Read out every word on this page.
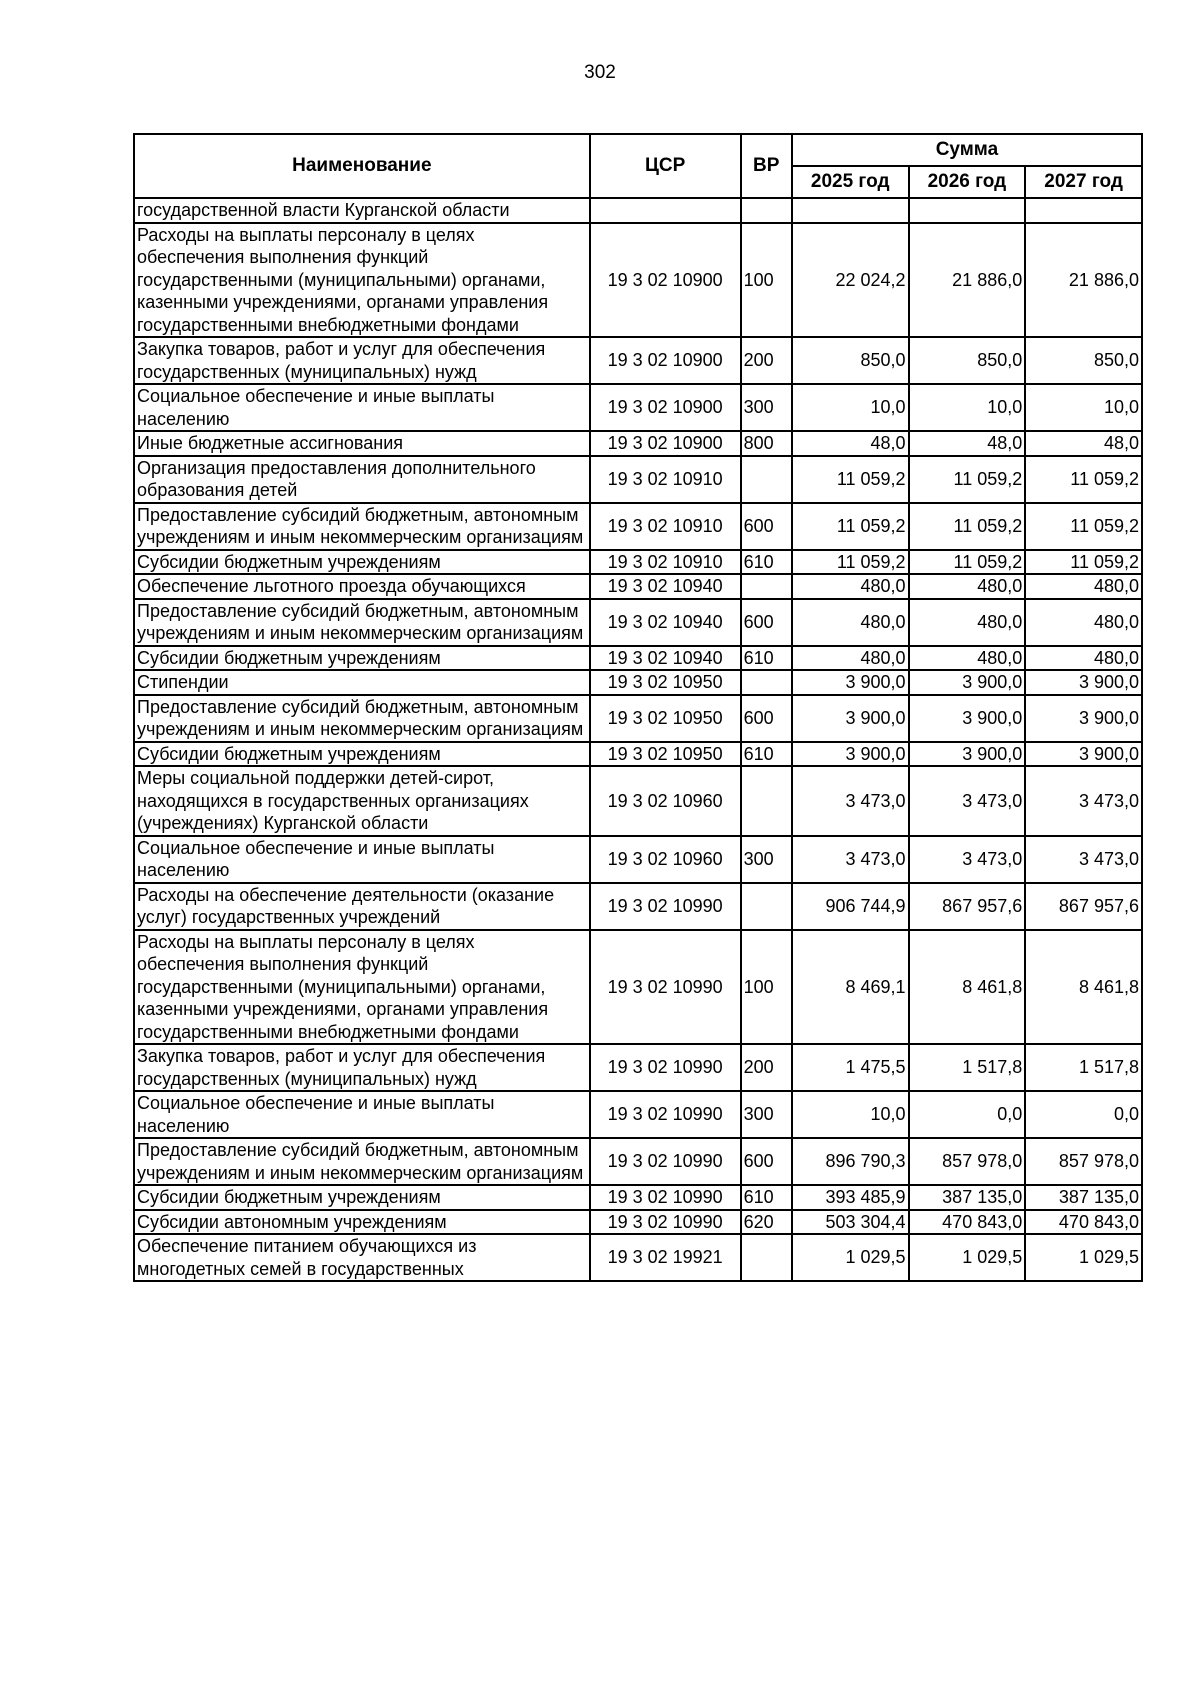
302
Наименование	ЦСР	ВР	Сумма		
			2025 год	2026 год	2027 год
государственной власти Курганской области					
Расходы на выплаты персоналу в целях обеспечения выполнения функций государственными (муниципальными) органами, казенными учреждениями, органами управления государственными внебюджетными фондами	19 3 02 10900	100	22 024,2	21 886,0	21 886,0
Закупка товаров, работ и услуг для обеспечения государственных (муниципальных) нужд	19 3 02 10900	200	850,0	850,0	850,0
Социальное обеспечение и иные выплаты населению	19 3 02 10900	300	10,0	10,0	10,0
Иные бюджетные ассигнования	19 3 02 10900	800	48,0	48,0	48,0
Организация предоставления дополнительного образования детей	19 3 02 10910		11 059,2	11 059,2	11 059,2
Предоставление субсидий бюджетным, автономным учреждениям и иным некоммерческим организациям	19 3 02 10910	600	11 059,2	11 059,2	11 059,2
Субсидии бюджетным учреждениям	19 3 02 10910	610	11 059,2	11 059,2	11 059,2
Обеспечение льготного проезда обучающихся	19 3 02 10940		480,0	480,0	480,0
Предоставление субсидий бюджетным, автономным учреждениям и иным некоммерческим организациям	19 3 02 10940	600	480,0	480,0	480,0
Субсидии бюджетным учреждениям	19 3 02 10940	610	480,0	480,0	480,0
Стипендии	19 3 02 10950		3 900,0	3 900,0	3 900,0
Предоставление субсидий бюджетным, автономным учреждениям и иным некоммерческим организациям	19 3 02 10950	600	3 900,0	3 900,0	3 900,0
Субсидии бюджетным учреждениям	19 3 02 10950	610	3 900,0	3 900,0	3 900,0
Меры социальной поддержки детей-сирот, находящихся в государственных организациях (учреждениях) Курганской области	19 3 02 10960		3 473,0	3 473,0	3 473,0
Социальное обеспечение и иные выплаты населению	19 3 02 10960	300	3 473,0	3 473,0	3 473,0
Расходы на обеспечение деятельности (оказание услуг) государственных учреждений	19 3 02 10990		906 744,9	867 957,6	867 957,6
Расходы на выплаты персоналу в целях обеспечения выполнения функций государственными (муниципальными) органами, казенными учреждениями, органами управления государственными внебюджетными фондами	19 3 02 10990	100	8 469,1	8 461,8	8 461,8
Закупка товаров, работ и услуг для обеспечения государственных (муниципальных) нужд	19 3 02 10990	200	1 475,5	1 517,8	1 517,8
Социальное обеспечение и иные выплаты населению	19 3 02 10990	300	10,0	0,0	0,0
Предоставление субсидий бюджетным, автономным учреждениям и иным некоммерческим организациям	19 3 02 10990	600	896 790,3	857 978,0	857 978,0
Субсидии бюджетным учреждениям	19 3 02 10990	610	393 485,9	387 135,0	387 135,0
Субсидии автономным учреждениям	19 3 02 10990	620	503 304,4	470 843,0	470 843,0
Обеспечение питанием обучающихся из многодетных семей в государственных	19 3 02 19921		1 029,5	1 029,5	1 029,5
